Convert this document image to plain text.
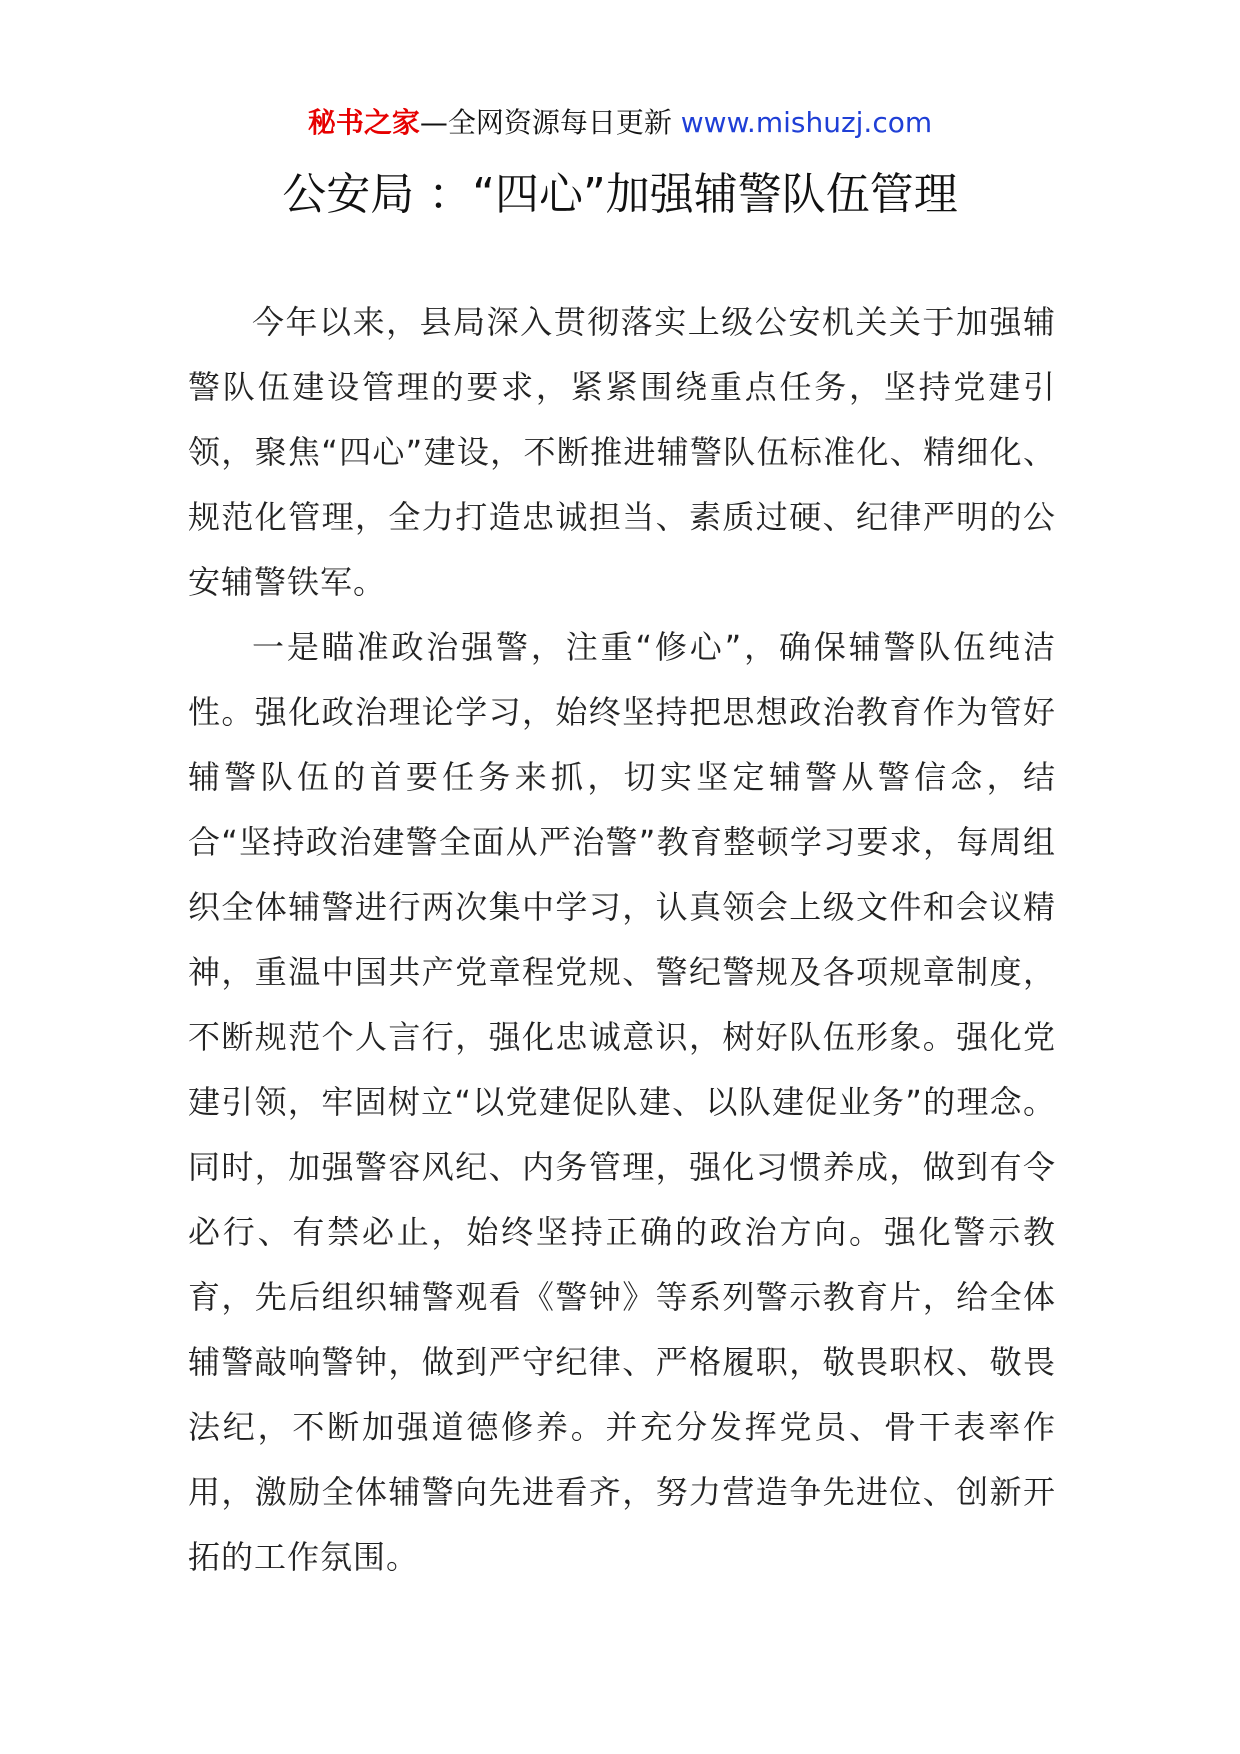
秘书之家—全网资源每日更新 www.mishuzj.com
公安局 ：“四心”加强辅警队伍管理

今年以来，县局深入贯彻落实上级公安机关关于加强辅警队伍建设管理的要求，紧紧围绕重点任务，坚持党建引领，聚焦“四心”建设，不断推进辅警队伍标准化、精细化、规范化管理，全力打造忠诚担当、素质过硬、纪律严明的公安辅警铁军。

一是瞄准政治强警，注重“修心”，确保辅警队伍纯洁性。强化政治理论学习，始终坚持把思想政治教育作为管好辅警队伍的首要任务来抓，切实坚定辅警从警信念，结合“坚持政治建警全面从严治警”教育整顿学习要求，每周组织全体辅警进行两次集中学习，认真领会上级文件和会议精神，重温中国共产党章程党规、警纪警规及各项规章制度，不断规范个人言行，强化忠诚意识，树好队伍形象。强化党建引领，牢固树立“以党建促队建、以队建促业务”的理念。同时，加强警容风纪、内务管理，强化习惯养成，做到有令必行、有禁必止，始终坚持正确的政治方向。强化警示教育，先后组织辅警观看《警钟》等系列警示教育片，给全体辅警敲响警钟，做到严守纪律、严格履职，敬畏职权、敬畏法纪，不断加强道德修养。并充分发挥党员、骨干表率作用，激励全体辅警向先进看齐，努力营造争先进位、创新开拓的工作氛围。
